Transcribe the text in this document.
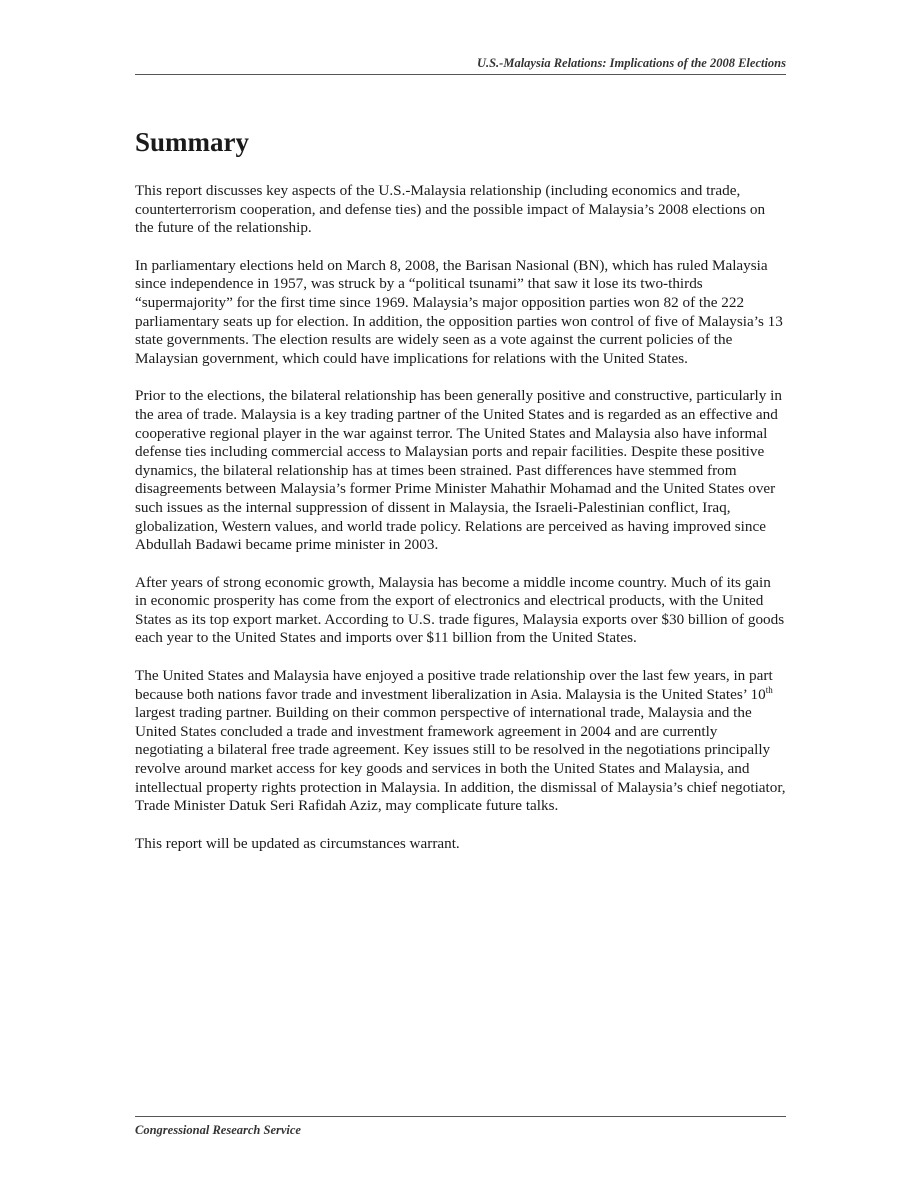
U.S.-Malaysia Relations: Implications of the 2008 Elections
Summary

This report discusses key aspects of the U.S.-Malaysia relationship (including economics and trade, counterterrorism cooperation, and defense ties) and the possible impact of Malaysia’s 2008 elections on the future of the relationship.

In parliamentary elections held on March 8, 2008, the Barisan Nasional (BN), which has ruled Malaysia since independence in 1957, was struck by a “political tsunami” that saw it lose its two-thirds “supermajority” for the first time since 1969. Malaysia’s major opposition parties won 82 of the 222 parliamentary seats up for election. In addition, the opposition parties won control of five of Malaysia’s 13 state governments. The election results are widely seen as a vote against the current policies of the Malaysian government, which could have implications for relations with the United States.

Prior to the elections, the bilateral relationship has been generally positive and constructive, particularly in the area of trade. Malaysia is a key trading partner of the United States and is regarded as an effective and cooperative regional player in the war against terror. The United States and Malaysia also have informal defense ties including commercial access to Malaysian ports and repair facilities. Despite these positive dynamics, the bilateral relationship has at times been strained. Past differences have stemmed from disagreements between Malaysia’s former Prime Minister Mahathir Mohamad and the United States over such issues as the internal suppression of dissent in Malaysia, the Israeli-Palestinian conflict, Iraq, globalization, Western values, and world trade policy. Relations are perceived as having improved since Abdullah Badawi became prime minister in 2003.

After years of strong economic growth, Malaysia has become a middle income country. Much of its gain in economic prosperity has come from the export of electronics and electrical products, with the United States as its top export market. According to U.S. trade figures, Malaysia exports over $30 billion of goods each year to the United States and imports over $11 billion from the United States.

The United States and Malaysia have enjoyed a positive trade relationship over the last few years, in part because both nations favor trade and investment liberalization in Asia. Malaysia is the United States’ 10th largest trading partner. Building on their common perspective of international trade, Malaysia and the United States concluded a trade and investment framework agreement in 2004 and are currently negotiating a bilateral free trade agreement. Key issues still to be resolved in the negotiations principally revolve around market access for key goods and services in both the United States and Malaysia, and intellectual property rights protection in Malaysia. In addition, the dismissal of Malaysia’s chief negotiator, Trade Minister Datuk Seri Rafidah Aziz, may complicate future talks.

This report will be updated as circumstances warrant.

Congressional Research Service
